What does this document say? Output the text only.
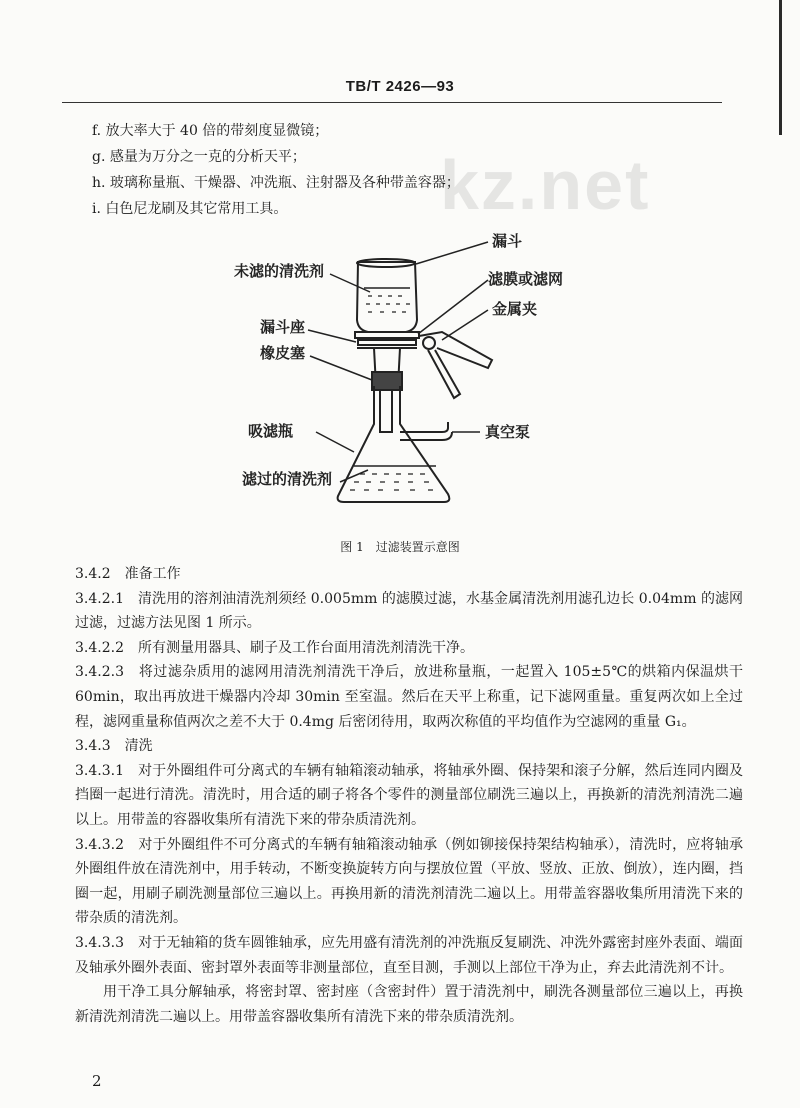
TB/T 2426—93
kz.net
f. 放大率大于 40 倍的带刻度显微镜；
g. 感量为万分之一克的分析天平；
h. 玻璃称量瓶、干燥器、冲洗瓶、注射器及各种带盖容器；
i. 白色尼龙刷及其它常用工具。
漏斗
未滤的清洗剂	滤膜或滤网
金属夹
漏斗座
橡皮塞
吸滤瓶	真空泵
滤过的清洗剂
图 1　过滤装置示意图

3.4.2　准备工作

3.4.2.1　清洗用的溶剂油清洗剂须经 0.005mm 的滤膜过滤，水基金属清洗剂用滤孔边长 0.04mm 的滤网过滤，过滤方法见图 1 所示。

3.4.2.2　所有测量用器具、刷子及工作台面用清洗剂清洗干净。

3.4.2.3　将过滤杂质用的滤网用清洗剂清洗干净后，放进称量瓶，一起置入 105±5℃的烘箱内保温烘干 60min，取出再放进干燥器内冷却 30min 至室温。然后在天平上称重，记下滤网重量。重复两次如上全过程，滤网重量称值两次之差不大于 0.4mg 后密闭待用，取两次称值的平均值作为空滤网的重量 G₁。

3.4.3　清洗

3.4.3.1　对于外圈组件可分离式的车辆有轴箱滚动轴承，将轴承外圈、保持架和滚子分解，然后连同内圈及挡圈一起进行清洗。清洗时，用合适的刷子将各个零件的测量部位刷洗三遍以上，再换新的清洗剂清洗二遍以上。用带盖的容器收集所有清洗下来的带杂质清洗剂。

3.4.3.2　对于外圈组件不可分离式的车辆有轴箱滚动轴承（例如铆接保持架结构轴承），清洗时，应将轴承外圈组件放在清洗剂中，用手转动，不断变换旋转方向与摆放位置（平放、竖放、正放、倒放），连内圈，挡圈一起，用刷子刷洗测量部位三遍以上。再换用新的清洗剂清洗二遍以上。用带盖容器收集所用清洗下来的带杂质的清洗剂。

3.4.3.3　对于无轴箱的货车圆锥轴承，应先用盛有清洗剂的冲洗瓶反复刷洗、冲洗外露密封座外表面、端面及轴承外圈外表面、密封罩外表面等非测量部位，直至目测，手测以上部位干净为止，弃去此清洗剂不计。

用干净工具分解轴承，将密封罩、密封座（含密封件）置于清洗剂中，刷洗各测量部位三遍以上，再换新清洗剂清洗二遍以上。用带盖容器收集所有清洗下来的带杂质清洗剂。

2
